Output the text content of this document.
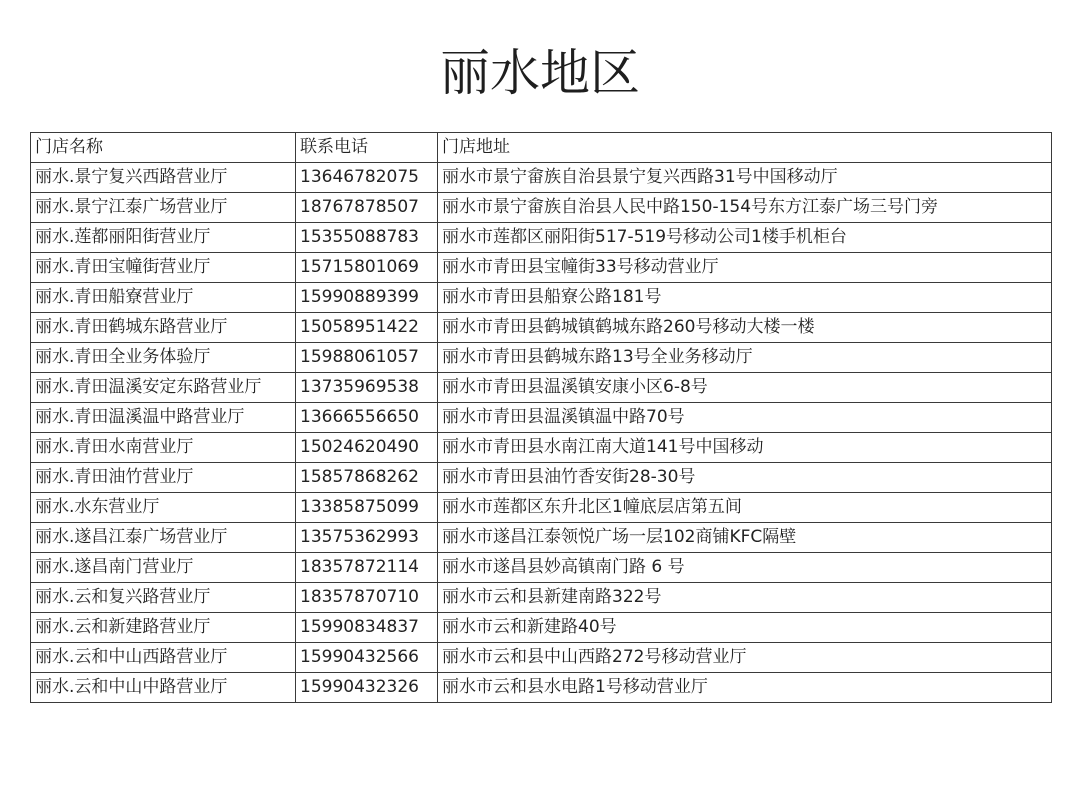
丽水地区
门店名称	联系电话	门店地址
丽水.景宁复兴西路营业厅	13646782075	丽水市景宁畲族自治县景宁复兴西路31号中国移动厅
丽水.景宁江泰广场营业厅	18767878507	丽水市景宁畲族自治县人民中路150-154号东方江泰广场三号门旁
丽水.莲都丽阳街营业厅	15355088783	丽水市莲都区丽阳街517-519号移动公司1楼手机柜台
丽水.青田宝幢街营业厅	15715801069	丽水市青田县宝幢街33号移动营业厅
丽水.青田船寮营业厅	15990889399	丽水市青田县船寮公路181号
丽水.青田鹤城东路营业厅	15058951422	丽水市青田县鹤城镇鹤城东路260号移动大楼一楼
丽水.青田全业务体验厅	15988061057	丽水市青田县鹤城东路13号全业务移动厅
丽水.青田温溪安定东路营业厅	13735969538	丽水市青田县温溪镇安康小区6-8号
丽水.青田温溪温中路营业厅	13666556650	丽水市青田县温溪镇温中路70号
丽水.青田水南营业厅	15024620490	丽水市青田县水南江南大道141号中国移动
丽水.青田油竹营业厅	15857868262	丽水市青田县油竹香安街28-30号
丽水.水东营业厅	13385875099	丽水市莲都区东升北区1幢底层店第五间
丽水.遂昌江泰广场营业厅	13575362993	丽水市遂昌江泰领悦广场一层102商铺KFC隔壁
丽水.遂昌南门营业厅	18357872114	丽水市遂昌县妙高镇南门路 6 号
丽水.云和复兴路营业厅	18357870710	丽水市云和县新建南路322号
丽水.云和新建路营业厅	15990834837	丽水市云和新建路40号
丽水.云和中山西路营业厅	15990432566	丽水市云和县中山西路272号移动营业厅
丽水.云和中山中路营业厅	15990432326	丽水市云和县水电路1号移动营业厅
